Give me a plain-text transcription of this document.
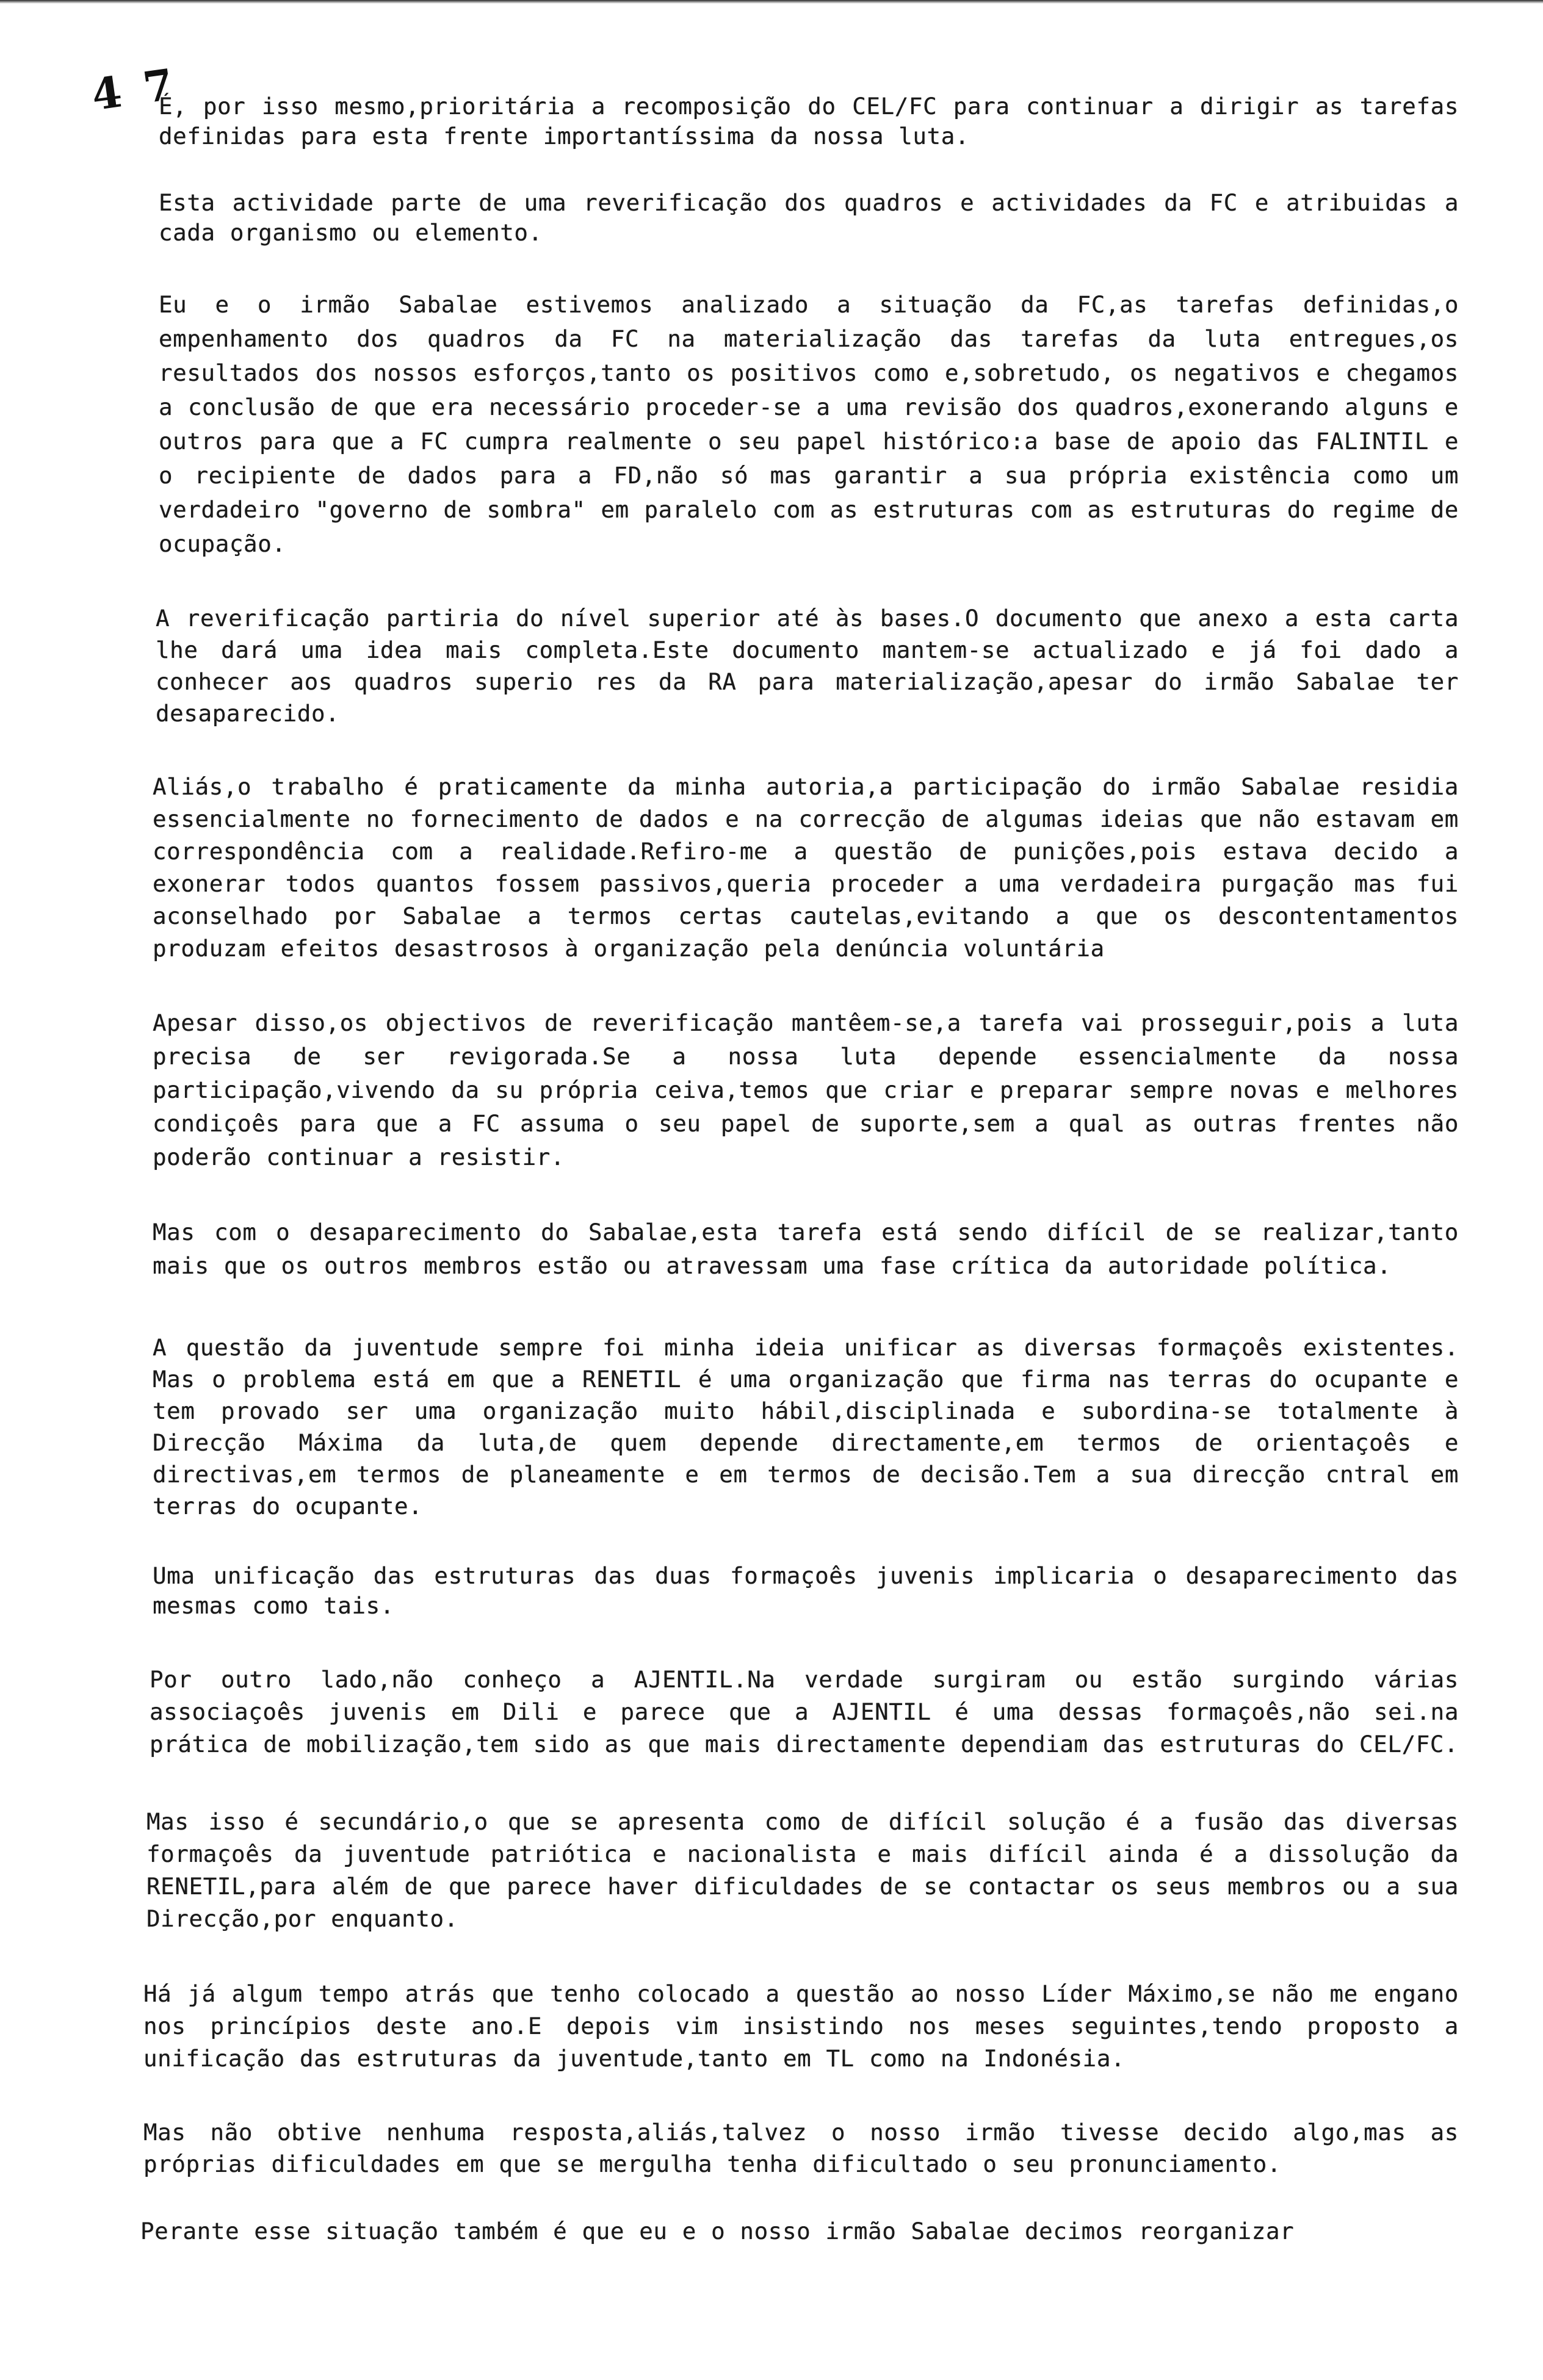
4 7

É, por isso mesmo,prioritária a recomposição do CEL/FC para continuar a dirigir as tarefas definidas para esta frente importantíssima da nossa luta.

Esta actividade parte de uma reverificação dos quadros e actividades da FC e atribuidas a cada organismo ou elemento.

Eu e o irmão Sabalae estivemos analizado a situação da FC,as tarefas definidas,o empenhamento dos quadros da FC na materialização das tarefas da luta entregues,os resultados dos nossos esforços,tanto os positivos como e,sobretudo, os negativos e chegamos a conclusão de que era necessário proceder-se a uma revisão dos quadros,exonerando alguns e outros para que a FC cumpra realmente o seu papel histórico:a base de apoio das FALINTIL e o recipiente de dados para a FD,não só mas garantir a sua própria existência como um verdadeiro "governo de sombra" em paralelo com as estruturas com as estruturas do regime de ocupação.

A reverificação partiria do nível superior até às bases.O documento que anexo a esta carta lhe dará uma idea mais completa.Este documento mantem-se actualizado e já foi dado a conhecer aos quadros superio res da RA para materialização,apesar do irmão Sabalae ter desaparecido.

Aliás,o trabalho é praticamente da minha autoria,a participação do irmão Sabalae residia essencialmente no fornecimento de dados e na correcção de algumas ideias que não estavam em correspondência com a realidade.Refiro-me a questão de punições,pois estava decido a exonerar todos quantos fossem passivos,queria proceder a uma verdadeira purgação mas fui aconselhado por Sabalae a termos certas cautelas,evitando a que os descontentamentos produzam efeitos desastrosos à organização pela denúncia voluntária

Apesar disso,os objectivos de reverificação mantêem-se,a tarefa vai prosseguir,pois a luta precisa de ser revigorada.Se a nossa luta depende essencialmente da nossa participação,vivendo da su própria ceiva,temos que criar e preparar sempre novas e melhores condiçoês para que a FC assuma o seu papel de suporte,sem a qual as outras frentes não poderão continuar a resistir.

Mas com o desaparecimento do Sabalae,esta tarefa está sendo difícil de se realizar,tanto mais que os outros membros estão ou atravessam uma fase crítica da autoridade política.

A questão da juventude sempre foi minha ideia unificar as diversas formaçoês existentes. Mas o problema está em que a RENETIL é uma organização que firma nas terras do ocupante e tem provado ser uma organização muito hábil,disciplinada e subordina-se totalmente à Direcção Máxima da luta,de quem depende directamente,em termos de orientaçoês e directivas,em termos de planeamente e em termos de decisão.Tem a sua direcção cntral em terras do ocupante.

Uma unificação das estruturas das duas formaçoês juvenis implicaria o desaparecimento das mesmas como tais.

Por outro lado,não conheço a AJENTIL.Na verdade surgiram ou estão surgindo várias associaçoês juvenis em Dili e parece que a AJENTIL é uma dessas formaçoês,não sei.na prática de mobilização,tem sido as que mais directamente dependiam das estruturas do CEL/FC.

Mas isso é secundário,o que se apresenta como de difícil solução é a fusão das diversas formaçoês da juventude patriótica e nacionalista e mais difícil ainda é a dissolução da RENETIL,para além de que parece haver dificuldades de se contactar os seus membros ou a sua Direcção,por enquanto.

Há já algum tempo atrás que tenho colocado a questão ao nosso Líder Máximo,se não me engano nos princípios deste ano.E depois vim insistindo nos meses seguintes,tendo proposto a unificação das estruturas da juventude,tanto em TL como na Indonésia.

Mas não obtive nenhuma resposta,aliás,talvez o nosso irmão tivesse decido algo,mas as próprias dificuldades em que se mergulha tenha dificultado o seu pronunciamento.

Perante esse situação também é que eu e o nosso irmão Sabalae decimos reorganizar
